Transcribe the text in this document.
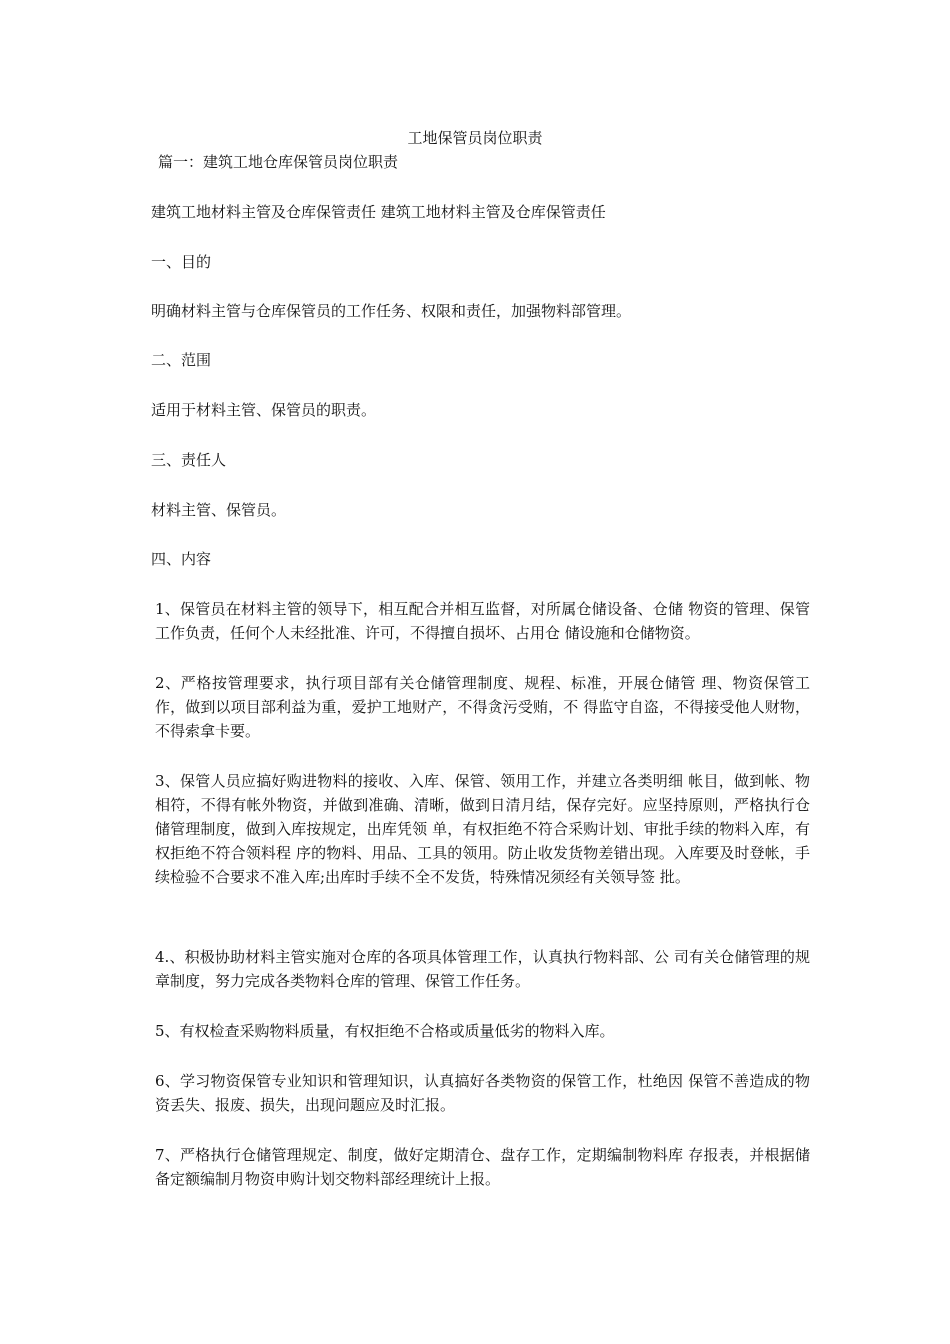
工地保管员岗位职责

篇一：建筑工地仓库保管员岗位职责

建筑工地材料主管及仓库保管责任 建筑工地材料主管及仓库保管责任

一、目的

明确材料主管与仓库保管员的工作任务、权限和责任，加强物料部管理。

二、范围

适用于材料主管、保管员的职责。

三、责任人

材料主管、保管员。

四、内容

1、保管员在材料主管的领导下，相互配合并相互监督，对所属仓储设备、仓储 物资的管理、保管工作负责，任何个人未经批准、许可，不得擅自损坏、占用仓 储设施和仓储物资。

2、严格按管理要求，执行项目部有关仓储管理制度、规程、标准，开展仓储管 理、物资保管工作，做到以项目部利益为重，爱护工地财产，不得贪污受贿，不 得监守自盗，不得接受他人财物，不得索拿卡要。

3、保管人员应搞好购进物料的接收、入库、保管、领用工作，并建立各类明细 帐目，做到帐、物相符，不得有帐外物资，并做到准确、清晰，做到日清月结，保存完好。应坚持原则，严格执行仓储管理制度，做到入库按规定，出库凭领 单，有权拒绝不符合采购计划、审批手续的物料入库，有权拒绝不符合领料程 序的物料、用品、工具的领用。防止收发货物差错出现。入库要及时登帐，手 续检验不合要求不准入库;出库时手续不全不发货，特殊情况须经有关领导签 批。

4.、积极协助材料主管实施对仓库的各项具体管理工作，认真执行物料部、公 司有关仓储管理的规章制度，努力完成各类物料仓库的管理、保管工作任务。

5、有权检查采购物料质量，有权拒绝不合格或质量低劣的物料入库。

6、学习物资保管专业知识和管理知识，认真搞好各类物资的保管工作，杜绝因 保管不善造成的物资丢失、报废、损失，出现问题应及时汇报。

7、严格执行仓储管理规定、制度，做好定期清仓、盘存工作，定期编制物料库 存报表，并根据储备定额编制月物资申购计划交物料部经理统计上报。
